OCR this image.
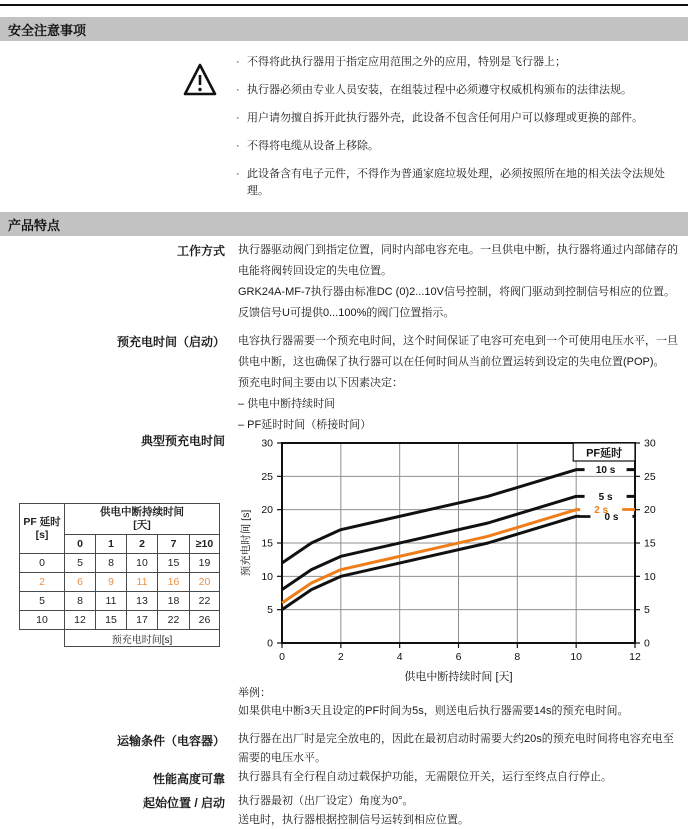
安全注意事项
· 不得将此执行器用于指定应用范围之外的应用，特别是飞行器上；
· 执行器必须由专业人员安装，在组装过程中必须遵守权威机构颁布的法律法规。
· 用户请勿擅自拆开此执行器外壳，此设备不包含任何用户可以修理或更换的部件。
· 不得将电缆从设备上移除。
· 此设备含有电子元件，不得作为普通家庭垃圾处理，必须按照所在地的相关法令法规处理。
产品特点
工作方式 执行器驱动阀门到指定位置，同时内部电容充电。一旦供电中断，执行器将通过内部储存的电能将阀转回设定的失电位置。
GRK24A-MF-7执行器由标准DC (0)2...10V信号控制，将阀门驱动到控制信号相应的位置。反馈信号U可提供0...100%的阀门位置指示。
预充电时间（启动） 电容执行器需要一个预充电时间，这个时间保证了电容可充电到一个可使用电压水平，一旦供电中断，这也确保了执行器可以在任何时间从当前位置运转到设定的失电位置(POP)。
预充电时间主要由以下因素决定：
– 供电中断持续时间
– PF延时时间（桥接时间）
典型预充电时间
PF 延时
[s]

供电中断持续时间
[天]

	0	1	2	7	≥10
0	5	8	10	15	19
2	6	9	11	16	20
5	8	11	13	18	22
10	12	15	17	22	26
	预充电时间[s]				
0	2	4	6	8	10	12
0	0
5	5
10	10
15	15
20	20
25	25
30	30
预充电时间 [s]
供电中断持续时间 [天]
10 s
5 s
2 s
0 s
PF延时
举例：
如果供电中断3天且设定的PF时间为5s，则送电后执行器需要14s的预充电时间。
运输条件（电容器） 执行器在出厂时是完全放电的，因此在最初启动时需要大约20s的预充电时间将电容充电至需要的电压水平。
性能高度可靠 执行器具有全行程自动过载保护功能，无需限位开关，运行至终点自行停止。
起始位置 / 启动 执行器最初（出厂设定）角度为0°。
送电时，执行器根据控制信号运转到相应位置。
